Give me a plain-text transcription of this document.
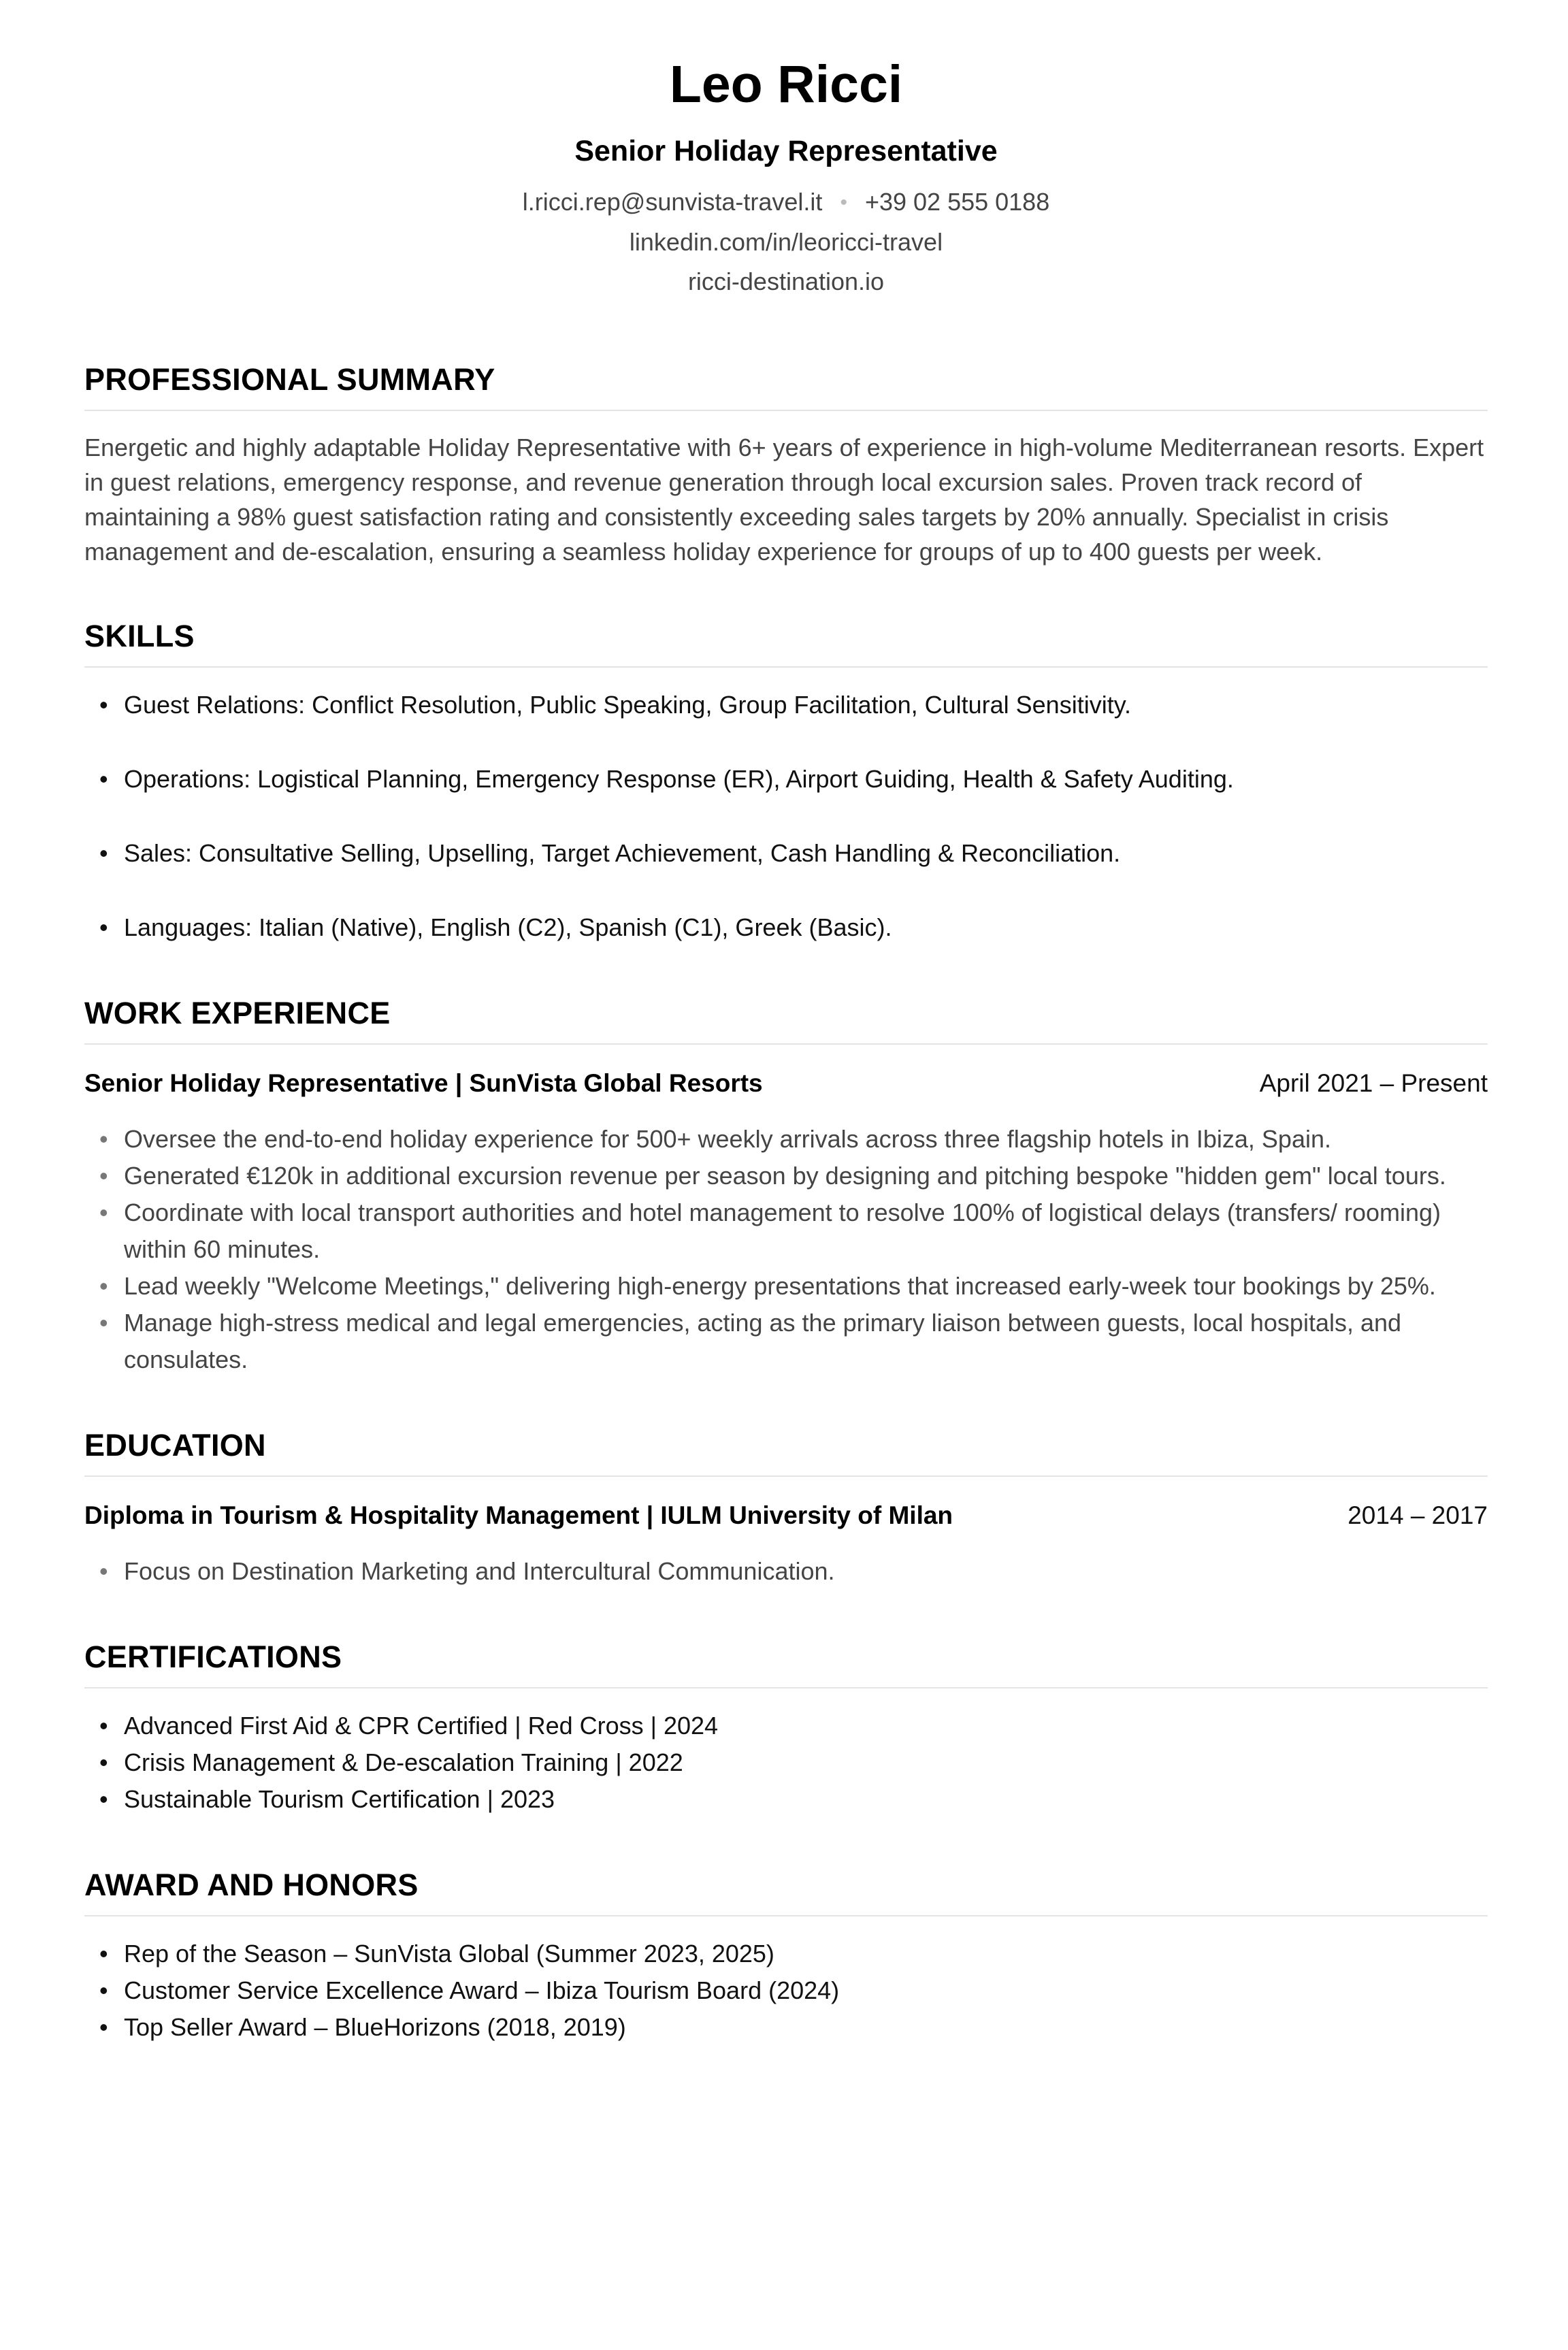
Leo Ricci
Senior Holiday Representative
l.ricci.rep@sunvista-travel.it • +39 02 555 0188
linkedin.com/in/leoricci-travel
ricci-destination.io
PROFESSIONAL SUMMARY
Energetic and highly adaptable Holiday Representative with 6+ years of experience in high-volume Mediterranean resorts. Expert in guest relations, emergency response, and revenue generation through local excursion sales. Proven track record of maintaining a 98% guest satisfaction rating and consistently exceeding sales targets by 20% annually. Specialist in crisis management and de-escalation, ensuring a seamless holiday experience for groups of up to 400 guests per week.
SKILLS
• Guest Relations: Conflict Resolution, Public Speaking, Group Facilitation, Cultural Sensitivity.
• Operations: Logistical Planning, Emergency Response (ER), Airport Guiding, Health & Safety Auditing.
• Sales: Consultative Selling, Upselling, Target Achievement, Cash Handling & Reconciliation.
• Languages: Italian (Native), English (C2), Spanish (C1), Greek (Basic).
WORK EXPERIENCE
Senior Holiday Representative | SunVista Global Resorts	April 2021 – Present
• Oversee the end-to-end holiday experience for 500+ weekly arrivals across three flagship hotels in Ibiza, Spain.
• Generated €120k in additional excursion revenue per season by designing and pitching bespoke "hidden gem" local tours.
• Coordinate with local transport authorities and hotel management to resolve 100% of logistical delays (transfers/ rooming) within 60 minutes.
• Lead weekly "Welcome Meetings," delivering high-energy presentations that increased early-week tour bookings by 25%.
• Manage high-stress medical and legal emergencies, acting as the primary liaison between guests, local hospitals, and consulates.
EDUCATION
Diploma in Tourism & Hospitality Management | IULM University of Milan	2014 – 2017
• Focus on Destination Marketing and Intercultural Communication.
CERTIFICATIONS
• Advanced First Aid & CPR Certified | Red Cross | 2024
• Crisis Management & De-escalation Training | 2022
• Sustainable Tourism Certification | 2023
AWARD AND HONORS
• Rep of the Season – SunVista Global (Summer 2023, 2025)
• Customer Service Excellence Award – Ibiza Tourism Board (2024)
• Top Seller Award – BlueHorizons (2018, 2019)
